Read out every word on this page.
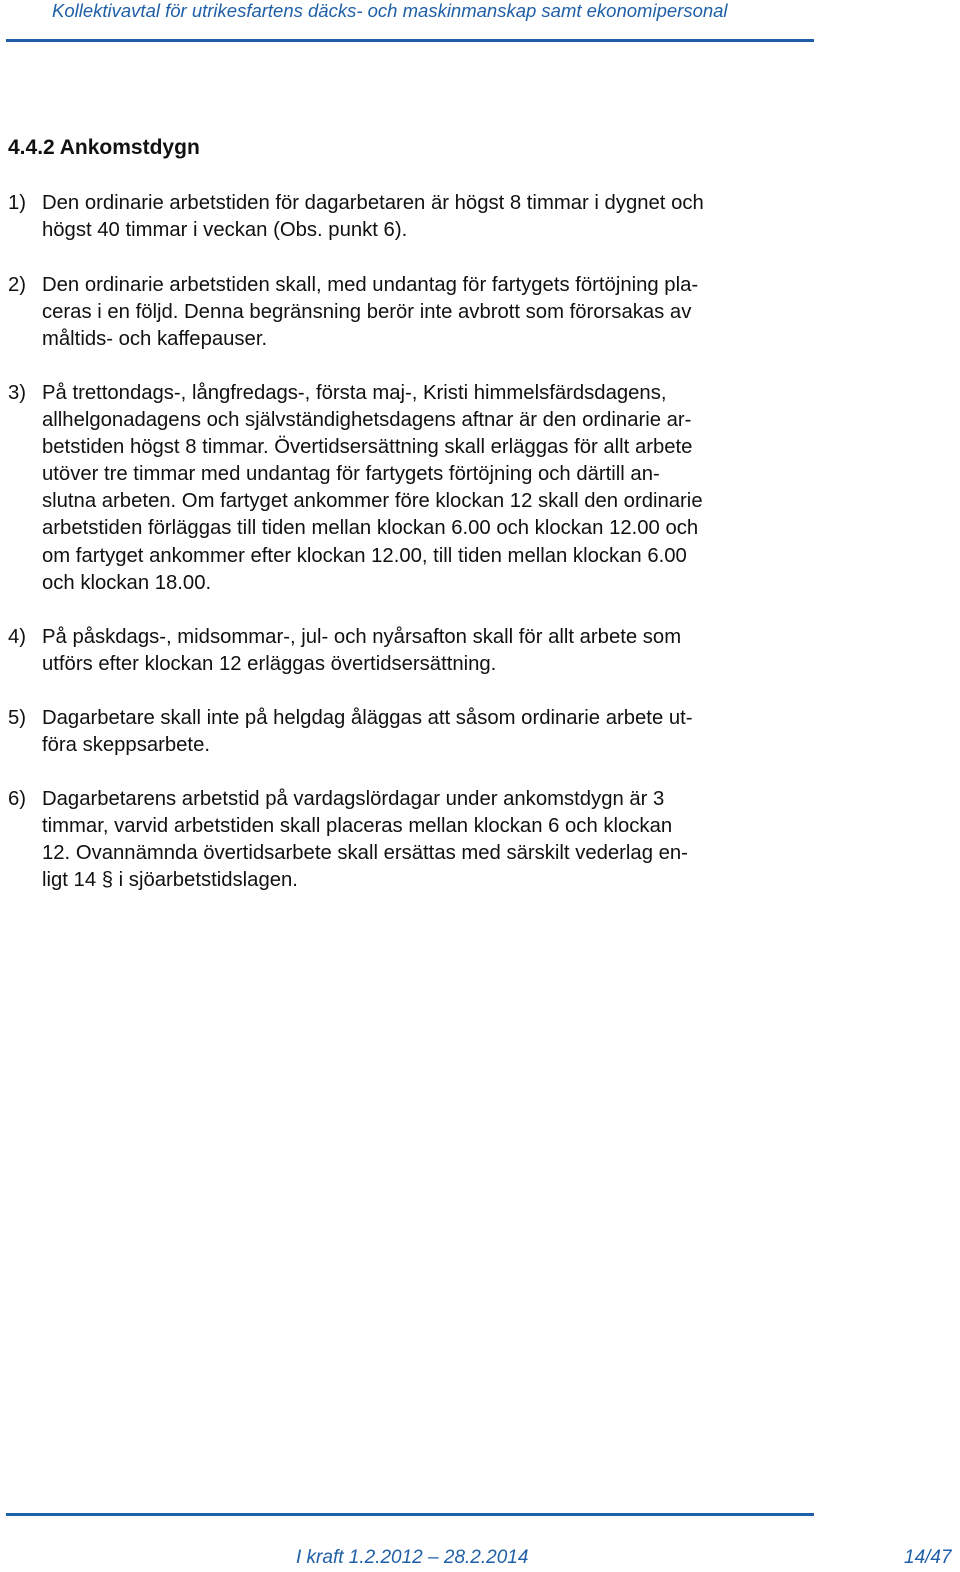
Kollektivavtal för utrikesfartens däcks- och maskinmanskap samt ekonomipersonal
4.4.2 Ankomstdygn
1) Den ordinarie arbetstiden för dagarbetaren är högst 8 timmar i dygnet och
högst 40 timmar i veckan (Obs. punkt 6).
2) Den ordinarie arbetstiden skall, med undantag för fartygets förtöjning pla-
ceras i en följd. Denna begränsning berör inte avbrott som förorsakas av
måltids- och kaffepauser.
3) På trettondags-, långfredags-, första maj-, Kristi himmelsfärdsdagens,
allhelgonadagens och självständighetsdagens aftnar är den ordinarie ar-
betstiden högst 8 timmar. Övertidsersättning skall erläggas för allt arbete
utöver tre timmar med undantag för fartygets förtöjning och därtill an-
slutna arbeten. Om fartyget ankommer före klockan 12 skall den ordinarie
arbetstiden förläggas till tiden mellan klockan 6.00 och klockan 12.00 och
om fartyget ankommer efter klockan 12.00, till tiden mellan klockan 6.00
och klockan 18.00.
4) På påskdags-, midsommar-, jul- och nyårsafton skall för allt arbete som
utförs efter klockan 12 erläggas övertidsersättning.
5) Dagarbetare skall inte på helgdag åläggas att såsom ordinarie arbete ut-
föra skeppsarbete.
6) Dagarbetarens arbetstid på vardagslördagar under ankomstdygn är 3
timmar, varvid arbetstiden skall placeras mellan klockan 6 och klockan
12. Ovannämnda övertidsarbete skall ersättas med särskilt vederlag en-
ligt 14 § i sjöarbetstidslagen.
I kraft 1.2.2012 – 28.2.2014	14/47
